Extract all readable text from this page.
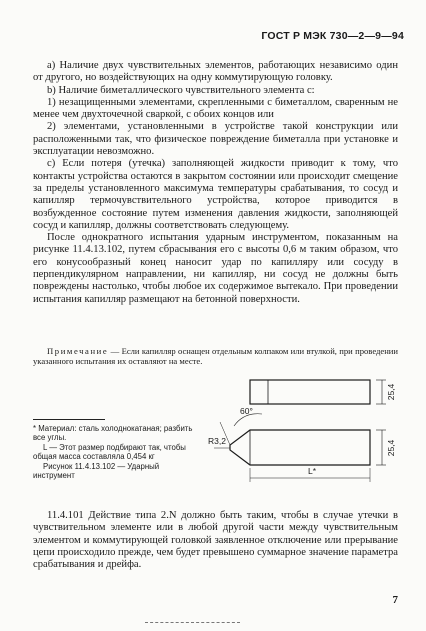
ГОСТ Р МЭК 730—2—9—94

а) Наличие двух чувствительных элементов, работающих независимо один от другого, но воздействующих на одну коммутирующую головку.

b) Наличие биметаллического чувствительного элемента с:

1) незащищенными элементами, скрепленными с биметаллом, сваренным не менее чем двухточечной сваркой, с обоих концов или

2) элементами, установленными в устройстве такой конструкции или расположенными так, что физическое повреждение биметалла при установке и эксплуатации невозможно.

с) Если потеря (утечка) заполняющей жидкости приводит к тому, что контакты устройства остаются в закрытом состоянии или происходит смещение за пределы установленного максимума температуры срабатывания, то сосуд и капилляр термочувствительного устройства, которое приводится в возбужденное состояние путем изменения давления жидкости, заполняющей сосуд и капилляр, должны соответствовать следующему.

После однократного испытания ударным инструментом, показанным на рисунке 11.4.13.102, путем сбрасывания его с высоты 0,6 м таким образом, что его конусообразный конец наносит удар по капилляру или сосуду в перпендикулярном направлении, ни капилляр, ни сосуд не должны быть повреждены настолько, чтобы любое их содержимое вытекало. При проведении испытания капилляр размещают на бетонной поверхности.

Примечание — Если капилляр оснащен отдельным колпаком или втулкой, при проведении указанного испытания их оставляют на месте.

* Материал: сталь холоднокатаная; разбить все углы.

L — Этот размер подбирают так, чтобы общая масса составляла 0,454 кг

Рисунок 11.4.13.102 — Ударный инструмент

25,4
60°
R3,2	25,4
L*

11.4.101 Действие типа 2.N должно быть таким, чтобы в случае утечки в чувствительном элементе или в любой другой части между чувствительным элементом и коммутирующей головкой заявленное отключение или прерывание цепи происходило прежде, чем будет превышено суммарное значение параметра срабатывания и дрейфа.

7
